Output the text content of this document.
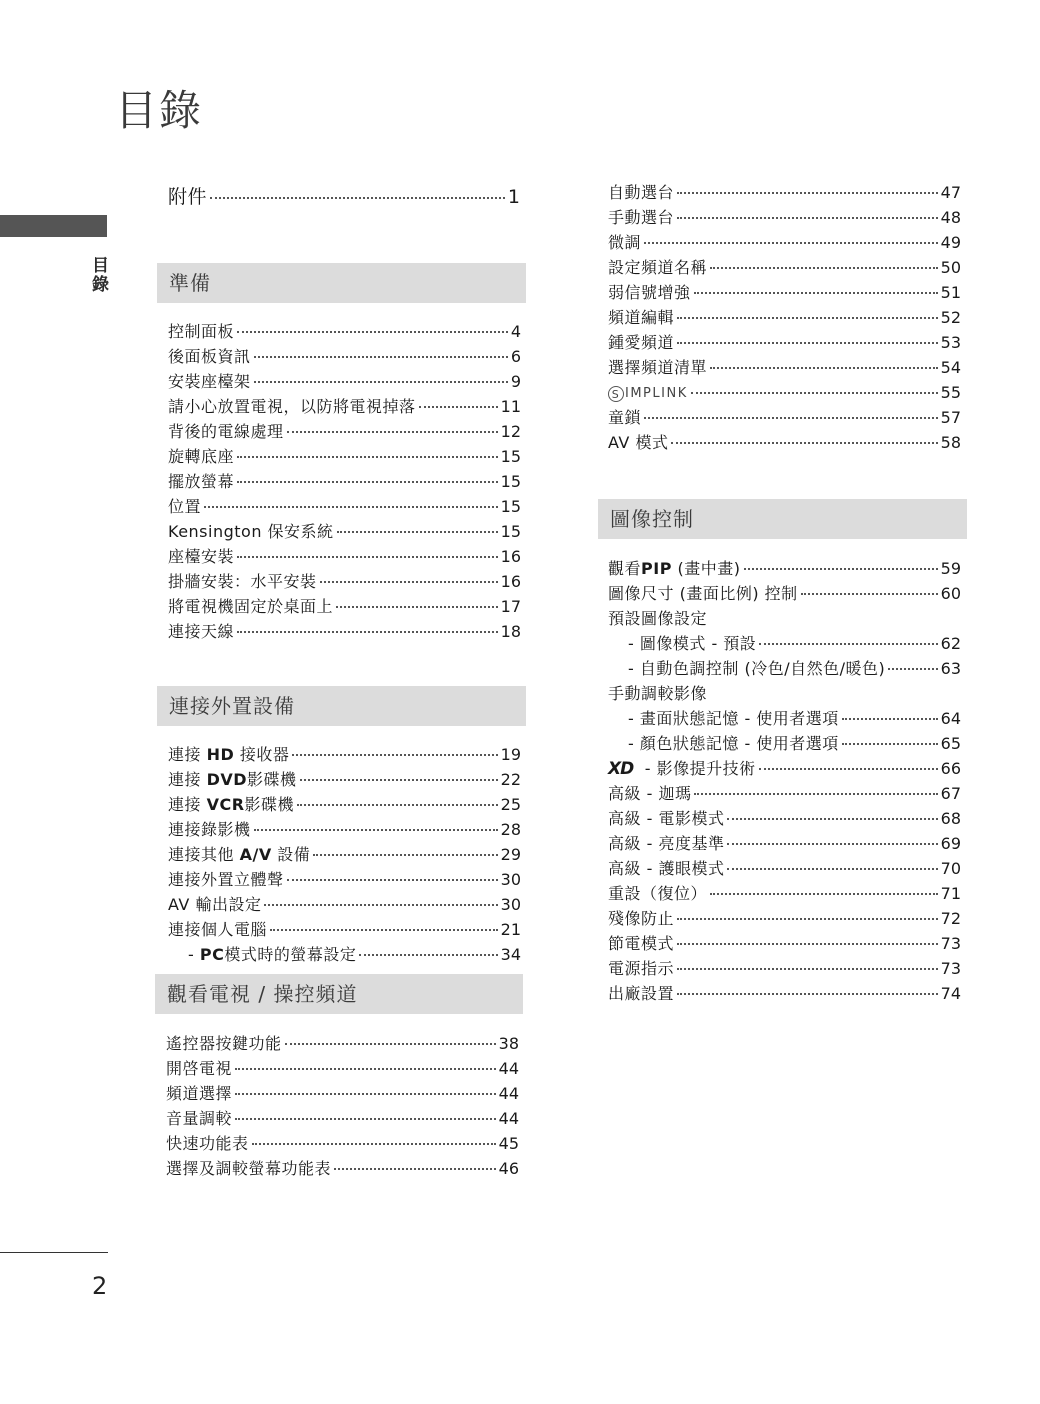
目錄
目錄
2
附件	1
準備
控制面板	4
後面板資訊	6
安裝座檯架	9
請小心放置電視，以防將電視掉落	11
背後的電線處理	12
旋轉底座	15
擺放螢幕	15
位置	15
Kensington 保安系統	15
座檯安裝	16
掛牆安裝：水平安裝	16
將電視機固定於桌面上	17
連接天線	18
連接外置設備
連接 HD 接收器	19
連接 DVD影碟機	22
連接 VCR影碟機	25
連接錄影機	28
連接其他 A/V 設備	29
連接外置立體聲	30
AV 輸出設定	30
連接個人電腦	21
- PC模式時的螢幕設定	34
觀看電視 / 操控頻道
遙控器按鍵功能	38
開啓電視	44
頻道選擇	44
音量調較	44
快速功能表	45
選擇及調較螢幕功能表	46
自動選台	47
手動選台	48
微調	49
設定頻道名稱	50
弱信號增強	51
頻道編輯	52
鍾愛頻道	53
選擇頻道清單	54
S IMPLINK	55
童鎖	57
AV 模式	58
圖像控制
觀看PIP (畫中畫)	59
圖像尺寸 (畫面比例) 控制	60
預設圖像設定
- 圖像模式 - 預設	62
- 自動色調控制 (冷色/自然色/暖色)	63
手動調較影像
- 畫面狀態記憶 - 使用者選項	64
- 顏色狀態記憶 - 使用者選項	65
XD - 影像提升技術	66
高級 - 迦瑪	67
高級 - 電影模式	68
高級 - 亮度基準	69
高級 - 護眼模式	70
重設（復位）	71
殘像防止	72
節電模式	73
電源指示	73
出廠設置	74
